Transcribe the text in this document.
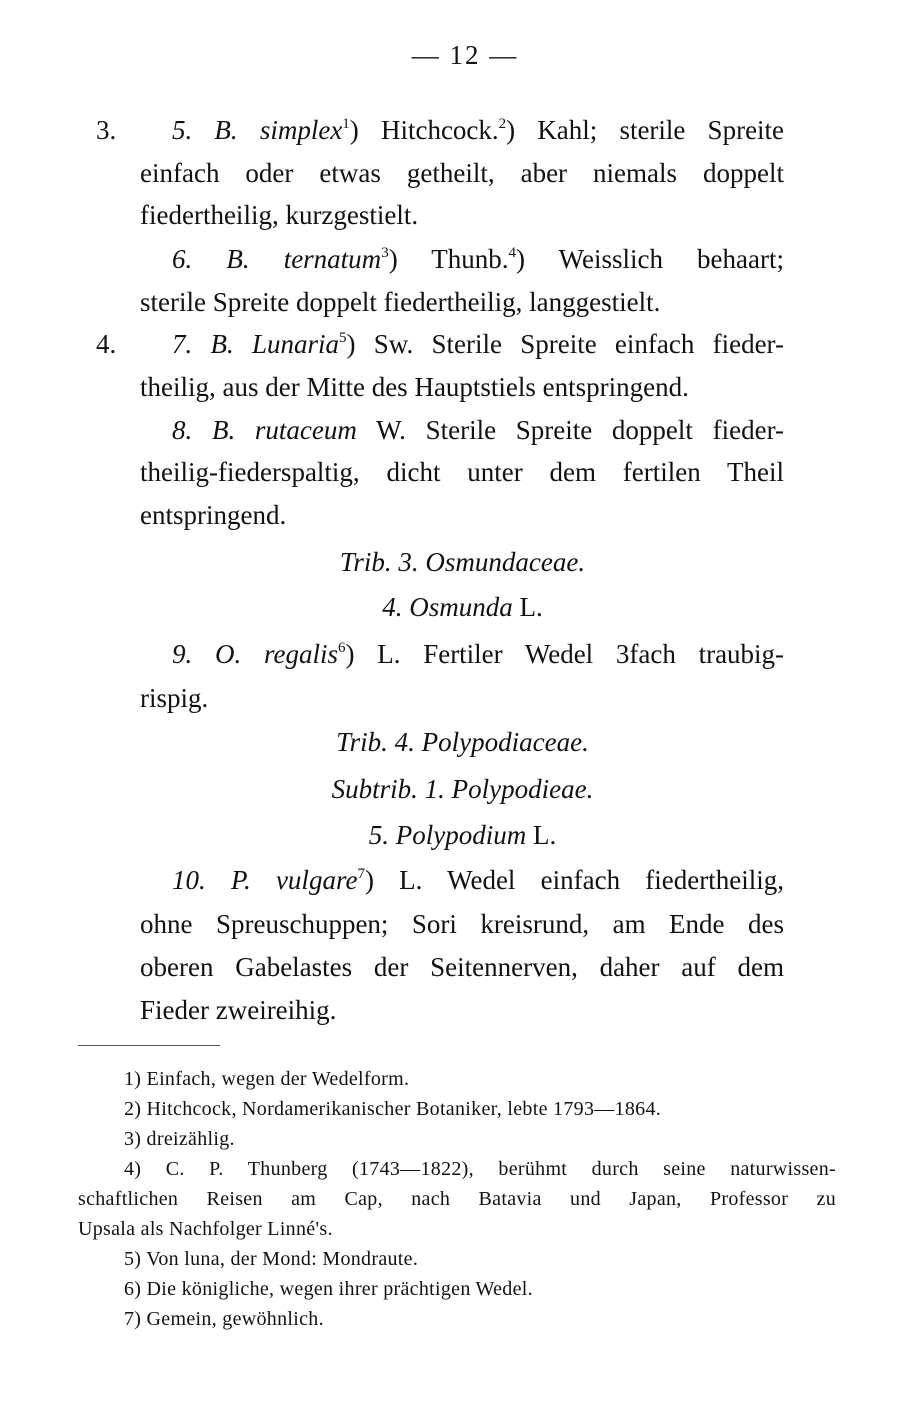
— 12 —
3.
4.
5. B. simplex$^1$) Hitchcock.$^2$) Kahl; sterile Spreite
einfach oder etwas getheilt, aber niemals doppelt
fiedertheilig, kurzgestielt.
6. B. ternatum$^3$) Thunb.$^4$) Weisslich behaart;
sterile Spreite doppelt fiedertheilig, langgestielt.
7. B. Lunaria$^5$) Sw. Sterile Spreite einfach fieder-
theilig, aus der Mitte des Hauptstiels entspringend.
8. B. rutaceum W. Sterile Spreite doppelt fieder-
theilig-fiederspaltig, dicht unter dem fertilen Theil
entspringend.
Trib. 3. Osmundaceae.
4. Osmunda L.
9. O. regalis$^6$) L. Fertiler Wedel 3fach traubig-
rispig.
Trib. 4. Polypodiaceae.
Subtrib. 1. Polypodieae.
5. Polypodium L.
10. P. vulgare$^7$) L. Wedel einfach fiedertheilig,
ohne Spreuschuppen; Sori kreisrund, am Ende des
oberen Gabelastes der Seitennerven, daher auf dem
Fieder zweireihig.
1) Einfach, wegen der Wedelform.
2) Hitchcock, Nordamerikanischer Botaniker, lebte 1793—1864.
3) dreizählig.
4) C. P. Thunberg (1743—1822), berühmt durch seine naturwissen-
schaftlichen Reisen am Cap, nach Batavia und Japan, Professor zu
Upsala als Nachfolger Linné's.
5) Von luna, der Mond: Mondraute.
6) Die königliche, wegen ihrer prächtigen Wedel.
7) Gemein, gewöhnlich.
